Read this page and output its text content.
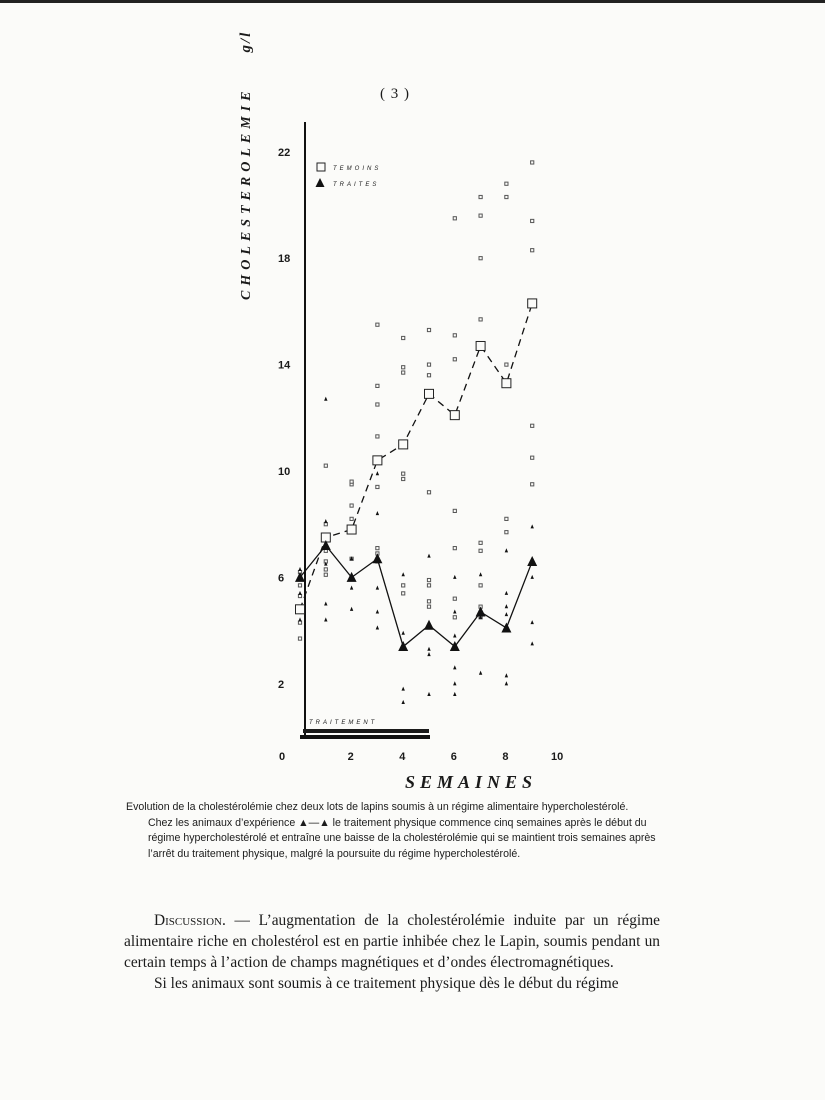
( 3 )
2
6
10
14
18
22
0	2	4	6	8	10
TRAITEMENT
TEMOINS
TRAITES
CHOLESTEROLEMIE    g/l
SEMAINES
Evolution de la cholestérolémie chez deux lots de lapins soumis à un régime alimentaire hypercholestérolé.
Chez les animaux d’expérience ▲—▲ le traitement physique commence cinq semaines après le début du régime hypercholestérolé et entraîne une baisse de la cholestérolémie qui se maintient trois semaines après l’arrêt du traitement physique, malgré la poursuite du régime hypercholestérolé.

Discussion. — L’augmentation de la cholestérolémie induite par un régime alimentaire riche en cholestérol est en partie inhibée chez le Lapin, soumis pendant un certain temps à l’action de champs magnétiques et d’ondes électromagnétiques.

Si les animaux sont soumis à ce traitement physique dès le début du régime
